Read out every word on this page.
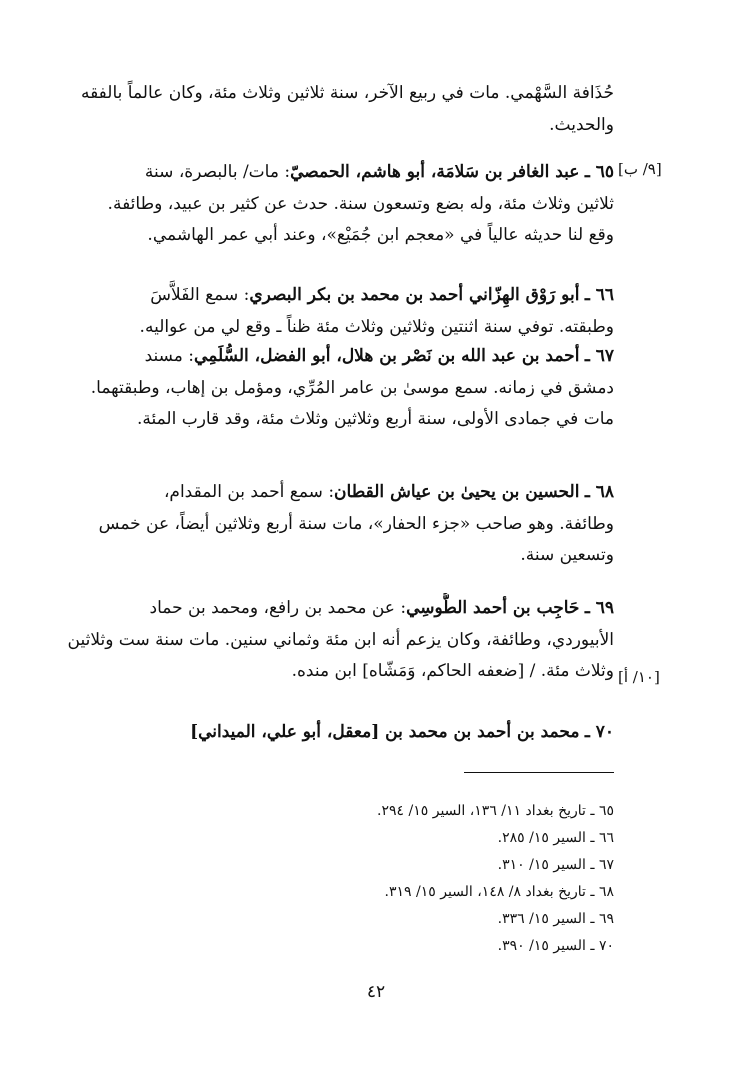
حُذَافة السَّهْمي. مات في ربيع الآخر، سنة ثلاثين وثلاث مئة، وكان عالماً بالفقه
والحديث.
[٩/ ب]
٦٥ ـ عبد الغافر بن سَلامَة، أبو هاشم، الحمصيّ: مات/ بالبصرة، سنة
ثلاثين وثلاث مئة، وله بضع وتسعون سنة. حدث عن كثير بن عبيد، وطائفة.
وقع لنا حديثه عالياً في «معجم ابن جُمَيْع»، وعند أبي عمر الهاشمي.
٦٦ ـ أبو رَوْق الهِزّاني أحمد بن محمد بن بكر البصري: سمع الفَلاَّسَ
وطبقته. توفي سنة اثنتين وثلاثين وثلاث مئة ظناً ـ وقع لي من عواليه.
٦٧ ـ أحمد بن عبد الله بن نَصْر بن هلال، أبو الفضل، السُّلَمِي: مسند
دمشق في زمانه. سمع موسىٰ بن عامر المُرِّي، ومؤمل بن إهاب، وطبقتهما.
مات في جمادى الأولى، سنة أربع وثلاثين وثلاث مئة، وقد قارب المئة.
٦٨ ـ الحسين بن يحيىٰ بن عياش القطان: سمع أحمد بن المقدام،
وطائفة. وهو صاحب «جزء الحفار»، مات سنة أربع وثلاثين أيضاً، عن خمس
وتسعين سنة.
[١٠/ أ]
٦٩ ـ حَاجِب بن أحمد الطُّوسِي: عن محمد بن رافع، ومحمد بن حماد
الأبيوردي، وطائفة، وكان يزعم أنه ابن مئة وثماني سنين. مات سنة ست وثلاثين
وثلاث مئة. / [ضعفه الحاكم، وَمَشّاه] ابن منده.
٧٠ ـ محمد بن أحمد بن محمد بن [معقل، أبو علي، الميداني]
٦٥ ـ تاريخ بغداد ١١/ ١٣٦، السير ١٥/ ٢٩٤.
٦٦ ـ السير ١٥/ ٢٨٥.
٦٧ ـ السير ١٥/ ٣١٠.
٦٨ ـ تاريخ بغداد ٨/ ١٤٨، السير ١٥/ ٣١٩.
٦٩ ـ السير ١٥/ ٣٣٦.
٧٠ ـ السير ١٥/ ٣٩٠.
٤٢
